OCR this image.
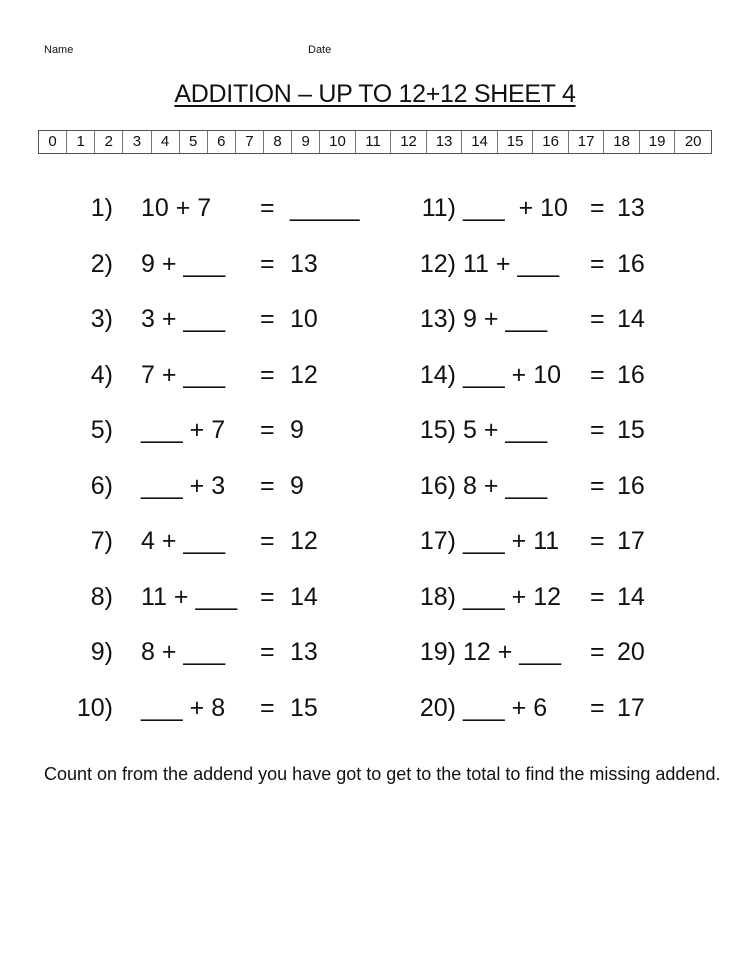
Name	Date
ADDITION – UP TO 12+12 SHEET 4
0	1	2	3	4	5	6	7	8	9	10	11	12	13	14	15	16	17	18	19	20
1) 10 + 7 = _____
2) 9 + ___ = 13
3) 3 + ___ = 10
4) 7 + ___ = 12
5) ___ + 7 = 9
6) ___ + 3 = 9
7) 4 + ___ = 12
8) 11 + ___ = 14
9) 8 + ___ = 13
10) ___ + 8 = 15
11) ___  + 10 = 13
12) 11 + ___ = 16
13) 9 + ___ = 14
14) ___ + 10 = 16
15) 5 + ___ = 15
16) 8 + ___ = 16
17) ___ + 11 = 17
18) ___ + 12 = 14
19) 12 + ___ = 20
20) ___ + 6 = 17
Count on from the addend you have got to get to the total to find the missing addend.
